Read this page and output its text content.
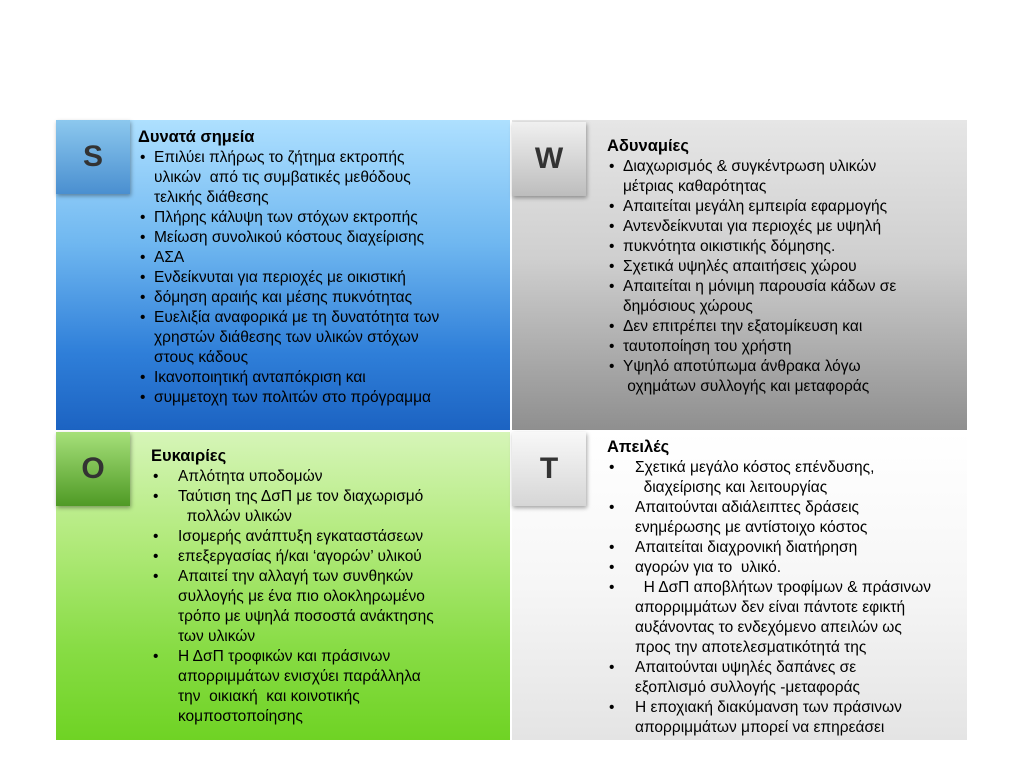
S	W
O	T
Δυνατά σημεία
• Επιλύει πλήρως το ζήτημα εκτροπής
υλικών  από τις συμβατικές μεθόδους
τελικής διάθεσης
• Πλήρης κάλυψη των στόχων εκτροπής
• Μείωση συνολικού κόστους διαχείρισης
• ΑΣΑ
• Ενδείκνυται για περιοχές με οικιστική
• δόμηση αραιής και μέσης πυκνότητας
• Ευελιξία αναφορικά με τη δυνατότητα των
χρηστών διάθεσης των υλικών στόχων
στους κάδους
• Ικανοποιητική ανταπόκριση και
• συμμετοχη των πολιτών στο πρόγραμμα
Αδυναμίες
• Διαχωρισμός & συγκέντρωση υλικών
μέτριας καθαρότητας
• Απαιτείται μεγάλη εμπειρία εφαρμογής
• Αντενδείκνυται για περιοχές με υψηλή
• πυκνότητα οικιστικής δόμησης.
• Σχετικά υψηλές απαιτήσεις χώρου
• Απαιτείται η μόνιμη παρουσία κάδων σε
δημόσιους χώρους
• Δεν επιτρέπει την εξατομίκευση και
• ταυτοποίηση του χρήστη
• Υψηλό αποτύπωμα άνθρακα λόγω
οχημάτων συλλογής και μεταφοράς
Ευκαιρίες
• Απλότητα υποδομών
• Ταύτιση της ΔσΠ με τον διαχωρισμό
πολλών υλικών
• Ισομερής ανάπτυξη εγκαταστάσεων
• επεξεργασίας ή/και ‘αγορών’ υλικού
• Απαιτεί την αλλαγή των συνθηκών
συλλογής με ένα πιο ολοκληρωμένο
τρόπο με υψηλά ποσοστά ανάκτησης
των υλικών
• Η ΔσΠ τροφικών και πράσινων
απορριμμάτων ενισχύει παράλληλα
την  οικιακή  και κοινοτικής
κομποστοποίησης
Απειλές
• Σχετικά μεγάλο κόστος επένδυσης,
διαχείρισης και λειτουργίας
• Απαιτούνται αδιάλειπτες δράσεις
ενημέρωσης με αντίστοιχο κόστος
• Απαιτείται διαχρονική διατήρηση
• αγορών για το  υλικό.
•   Η ΔσΠ αποβλήτων τροφίμων & πράσινων
απορριμμάτων δεν είναι πάντοτε εφικτή
αυξάνοντας το ενδεχόμενο απειλών ως
προς την αποτελεσματικότητά της
• Απαιτούνται υψηλές δαπάνες σε
εξοπλισμό συλλογής -μεταφοράς
• Η εποχιακή διακύμανση των πράσινων
απορριμμάτων μπορεί να επηρεάσει
